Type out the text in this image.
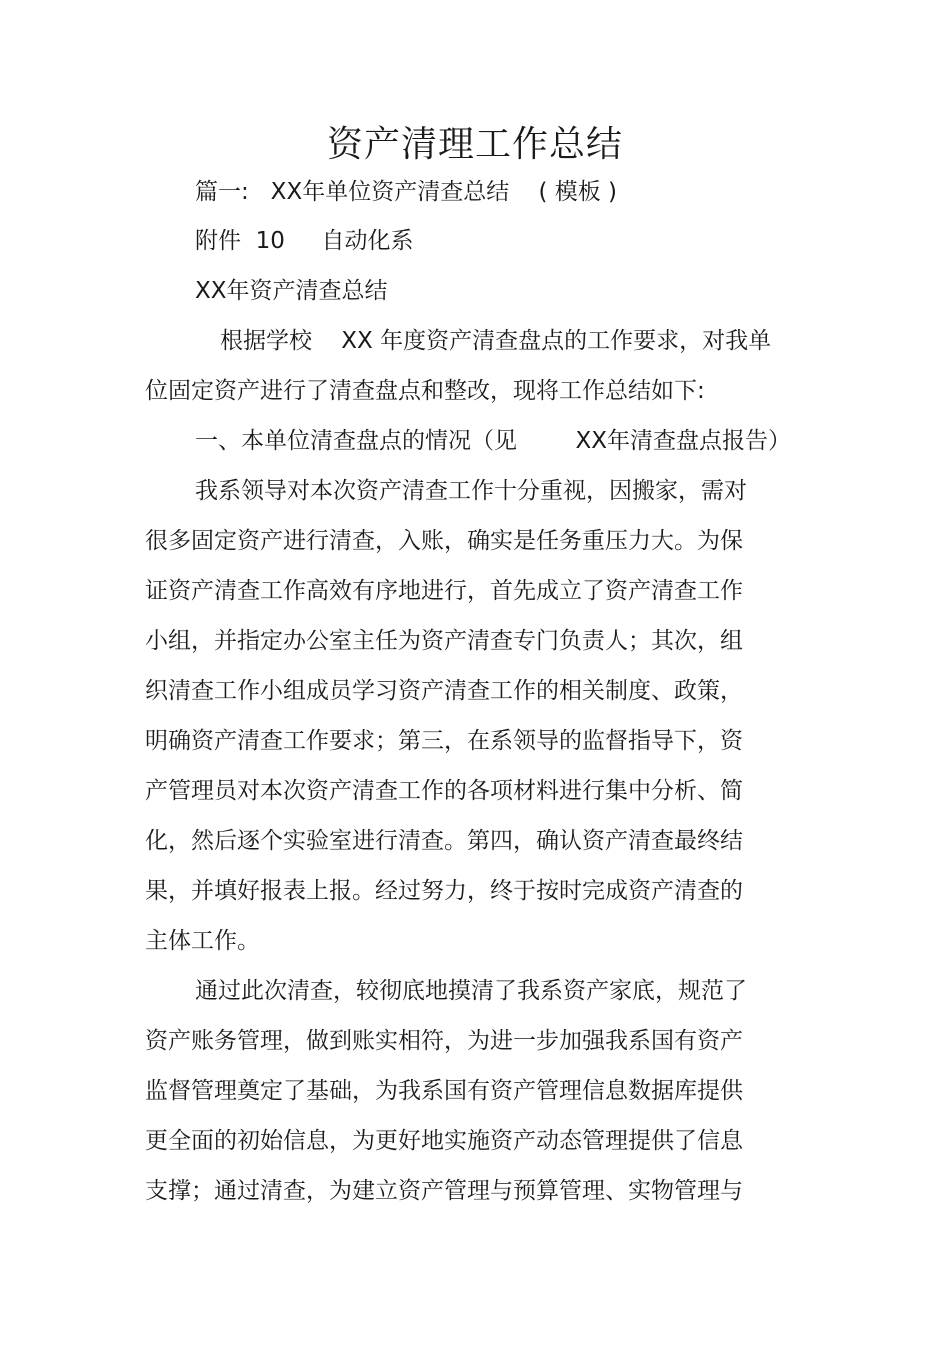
资产清理工作总结
篇一:   XX年单位资产清查总结    ( 模板 )
附件  10     自动化系
XX年资产清查总结
根据学校    XX 年度资产清查盘点的工作要求，对我单
位固定资产进行了清查盘点和整改，现将工作总结如下:
一、本单位清查盘点的情况（见        XX年清查盘点报告）
我系领导对本次资产清查工作十分重视，因搬家，需对
很多固定资产进行清查，入账，确实是任务重压力大。为保
证资产清查工作高效有序地进行，首先成立了资产清查工作
小组，并指定办公室主任为资产清查专门负责人；其次，组
织清查工作小组成员学习资产清查工作的相关制度、政策，
明确资产清查工作要求；第三，在系领导的监督指导下，资
产管理员对本次资产清查工作的各项材料进行集中分析、简
化，然后逐个实验室进行清查。第四，确认资产清查最终结
果，并填好报表上报。经过努力，终于按时完成资产清查的
主体工作。
通过此次清查，较彻底地摸清了我系资产家底，规范了
资产账务管理，做到账实相符，为进一步加强我系国有资产
监督管理奠定了基础，为我系国有资产管理信息数据库提供
更全面的初始信息，为更好地实施资产动态管理提供了信息
支撑；通过清查，为建立资产管理与预算管理、实物管理与
